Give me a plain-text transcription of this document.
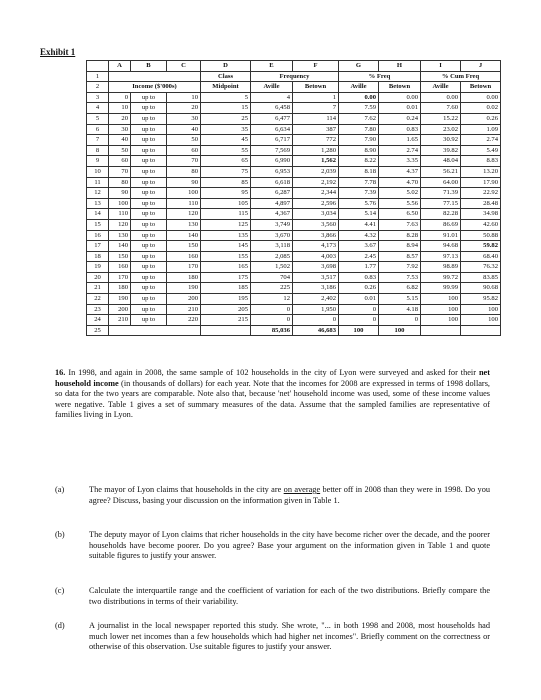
Exhibit 1
	A	B	C	D	E	F	G	H	I	J
1				Class	Frequency		% Freq		% Cum Freq	
2	Income ($'000s)			Midpoint	Aville	Betown	Aville	Betown	Aville	Betown
3	0	up to	10	5	4	1	0.00	0.00	0.00	0.00
4	10	up to	20	15	6,458	7	7.59	0.01	7.60	0.02
5	20	up to	30	25	6,477	114	7.62	0.24	15.22	0.26
6	30	up to	40	35	6,634	387	7.80	0.83	23.02	1.09
7	40	up to	50	45	6,717	772	7.90	1.65	30.92	2.74
8	50	up to	60	55	7,569	1,280	8.90	2.74	39.82	5.49
9	60	up to	70	65	6,990	1,562	8.22	3.35	48.04	8.83
10	70	up to	80	75	6,953	2,039	8.18	4.37	56.21	13.20
11	80	up to	90	85	6,618	2,192	7.78	4.70	64.00	17.90
12	90	up to	100	95	6,287	2,344	7.39	5.02	71.39	22.92
13	100	up to	110	105	4,897	2,596	5.76	5.56	77.15	28.48
14	110	up to	120	115	4,367	3,034	5.14	6.50	82.28	34.98
15	120	up to	130	125	3,749	3,560	4.41	7.63	86.69	42.60
16	130	up to	140	135	3,670	3,866	4.32	8.28	91.01	50.88
17	140	up to	150	145	3,118	4,173	3.67	8.94	94.68	59.82
18	150	up to	160	155	2,085	4,003	2.45	8.57	97.13	68.40
19	160	up to	170	165	1,502	3,698	1.77	7.92	98.89	76.32
20	170	up to	180	175	704	3,517	0.83	7.53	99.72	83.85
21	180	up to	190	185	225	3,186	0.26	6.82	99.99	90.68
22	190	up to	200	195	12	2,402	0.01	5.15	100	95.82
23	200	up to	210	205	0	1,950	0	4.18	100	100
24	210	up to	220	215	0	0	0	0	100	100
25					85,036	46,683	100	100		
16. In 1998, and again in 2008, the same sample of 102 households in the city of Lyon were surveyed and asked for their net household income (in thousands of dollars) for each year. Note that the incomes for 2008 are expressed in terms of 1998 dollars, so data for the two years are comparable. Note also that, because 'net' household income was used, some of these income values were negative. Table 1 gives a set of summary measures of the data. Assume that the sampled families are representative of families living in Lyon.
(a)	The mayor of Lyon claims that households in the city are on average better off in 2008 than they were in 1998. Do you agree? Discuss, basing your discussion on the information given in Table 1.
(b)	The deputy mayor of Lyon claims that richer households in the city have become richer over the decade, and the poorer households have become poorer. Do you agree? Base your argument on the information given in Table 1 and quote suitable figures to justify your answer.
(c)	Calculate the interquartile range and the coefficient of variation for each of the two distributions. Briefly compare the two distributions in terms of their variability.
(d)	A journalist in the local newspaper reported this study. She wrote, "... in both 1998 and 2008, most households had much lower net incomes than a few households which had higher net incomes". Briefly comment on the correctness or otherwise of this observation. Use suitable figures to justify your answer.
